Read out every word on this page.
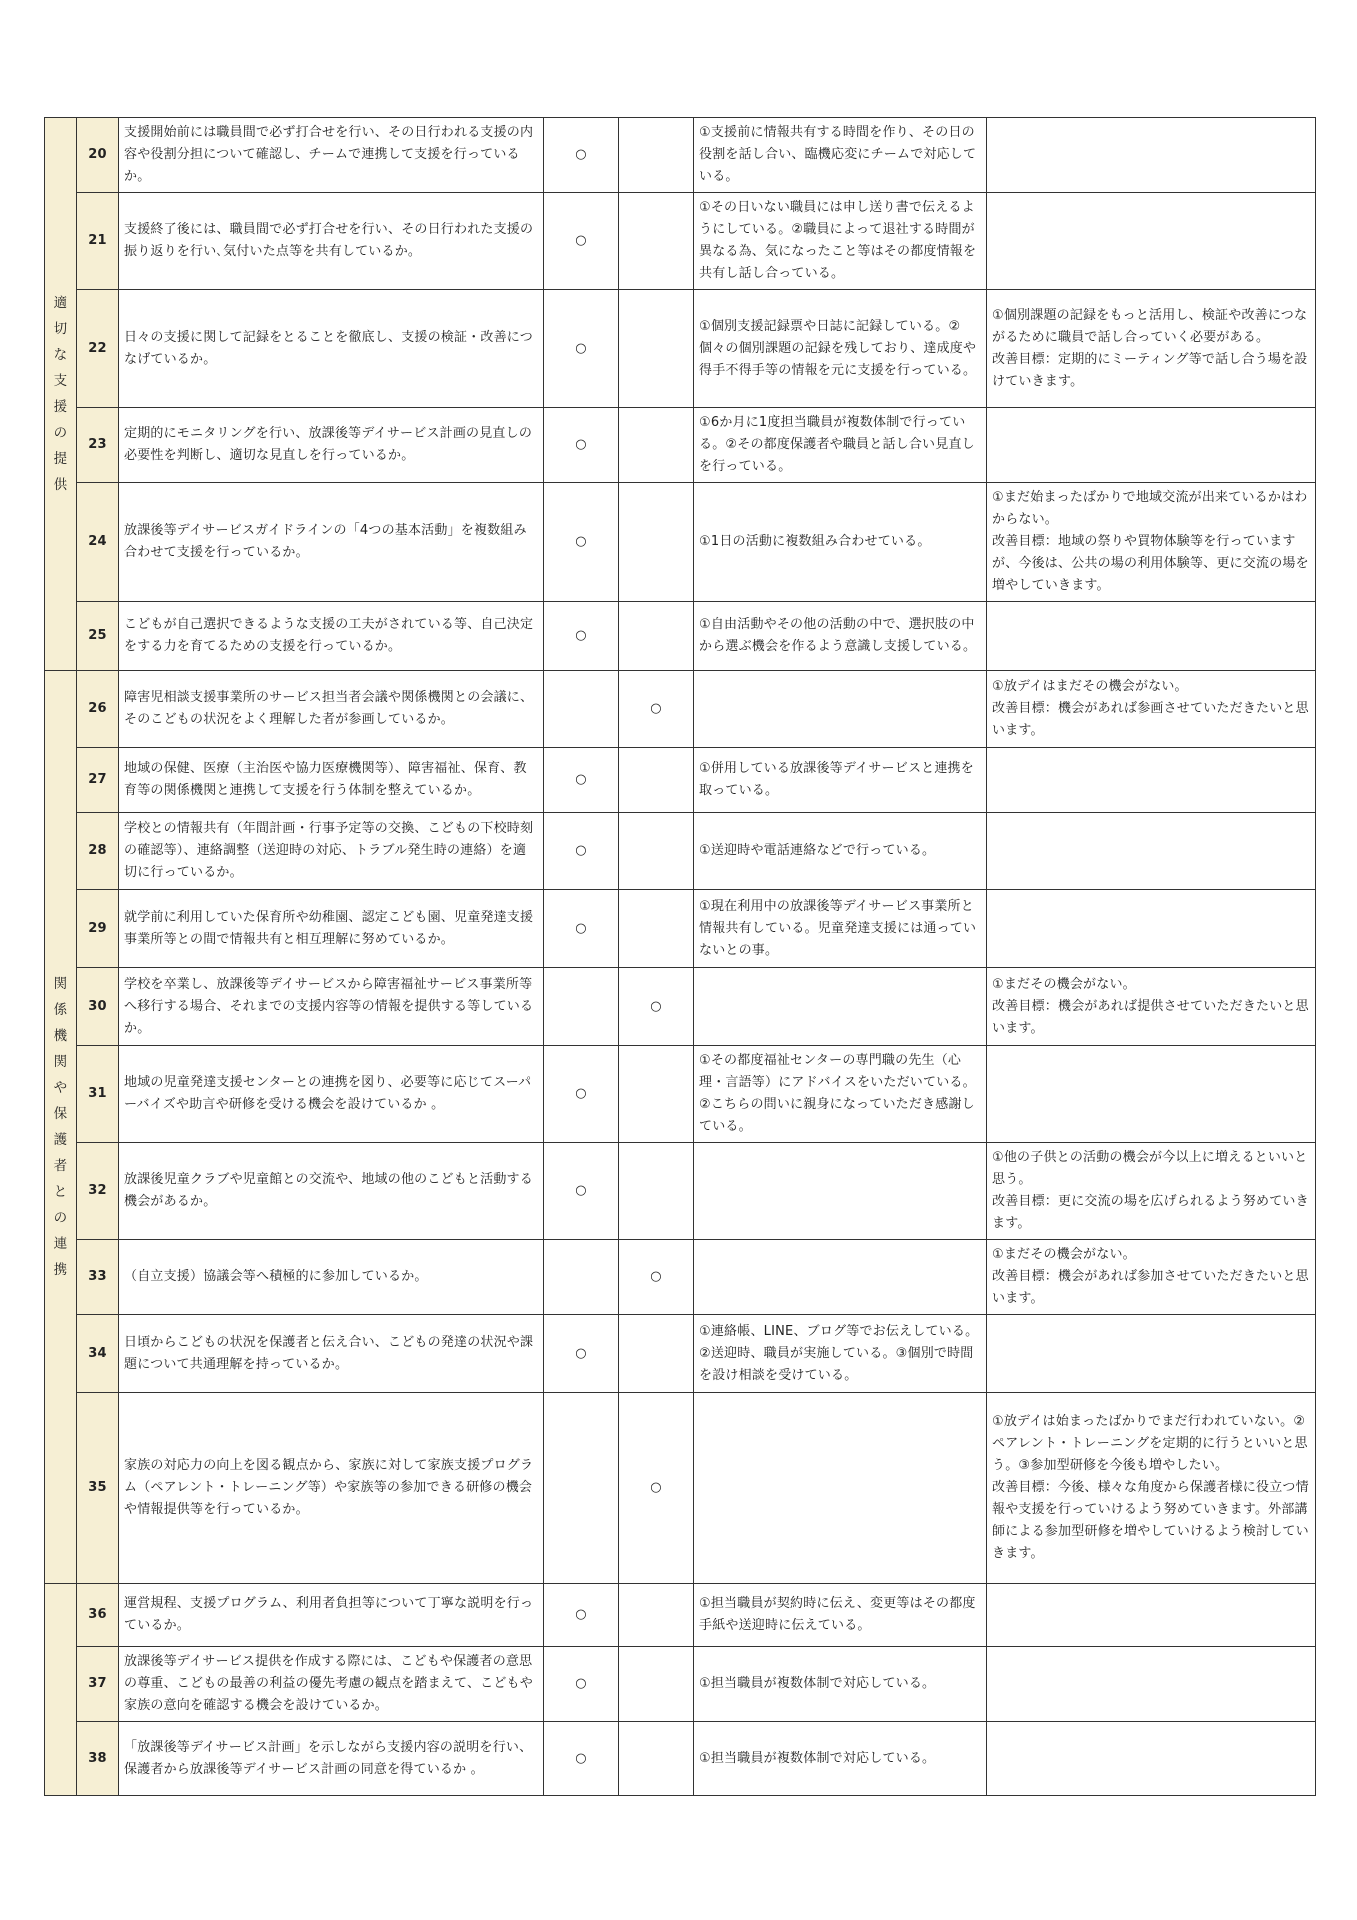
適切な支援の提供	20	支援開始前には職員間で必ず打合せを行い、その日行われる支援の内容や役割分担について確認し、チームで連携して支援を行っているか。	○		①支援前に情報共有する時間を作り、その日の役割を話し合い、臨機応変にチームで対応している。	
	21	支援終了後には、職員間で必ず打合せを行い、その日行われた支援の振り返りを行い､気付いた点等を共有しているか。	○		①その日いない職員には申し送り書で伝えるようにしている。②職員によって退社する時間が異なる為、気になったこと等はその都度情報を共有し話し合っている。	
	22	日々の支援に関して記録をとることを徹底し、支援の検証・改善につなげているか。	○		①個別支援記録票や日誌に記録している。②個々の個別課題の記録を残しており、達成度や得手不得手等の情報を元に支援を行っている。	①個別課題の記録をもっと活用し、検証や改善につながるために職員で話し合っていく必要がある。
改善目標：定期的にミーティング等で話し合う場を設けていきます。
	23	定期的にモニタリングを行い、放課後等デイサービス計画の見直しの必要性を判断し、適切な見直しを行っているか。	○		①6か月に1度担当職員が複数体制で行っている。②その都度保護者や職員と話し合い見直しを行っている。	
	24	放課後等デイサービスガイドラインの「4つの基本活動」を複数組み合わせて支援を行っているか。	○		①1日の活動に複数組み合わせている。	①まだ始まったばかりで地域交流が出来ているかはわからない。
改善目標：地域の祭りや買物体験等を行っていますが、今後は、公共の場の利用体験等、更に交流の場を増やしていきます。
	25	こどもが自己選択できるような支援の工夫がされている等、自己決定をする力を育てるための支援を行っているか。	○		①自由活動やその他の活動の中で、選択肢の中から選ぶ機会を作るよう意識し支援している。	
関係機関や保護者との連携	26	障害児相談支援事業所のサービス担当者会議や関係機関との会議に、そのこどもの状況をよく理解した者が参画しているか。		○		①放デイはまだその機会がない。
改善目標：機会があれば参画させていただきたいと思います。
	27	地域の保健、医療（主治医や協力医療機関等）、障害福祉、保育、教育等の関係機関と連携して支援を行う体制を整えているか。	○		①併用している放課後等デイサービスと連携を取っている。	
	28	学校との情報共有（年間計画・行事予定等の交換、こどもの下校時刻の確認等）、連絡調整（送迎時の対応、トラブル発生時の連絡）を適切に行っているか。	○		①送迎時や電話連絡などで行っている。	
	29	就学前に利用していた保育所や幼稚園、認定こども園、児童発達支援事業所等との間で情報共有と相互理解に努めているか。	○		①現在利用中の放課後等デイサービス事業所と情報共有している。児童発達支援には通っていないとの事。	
	30	学校を卒業し、放課後等デイサービスから障害福祉サービス事業所等へ移行する場合、それまでの支援内容等の情報を提供する等しているか。		○		①まだその機会がない。
改善目標：機会があれば提供させていただきたいと思います。
	31	地域の児童発達支援センターとの連携を図り、必要等に応じてスーパーバイズや助言や研修を受ける機会を設けているか 。	○		①その都度福祉センターの専門職の先生（心理・言語等）にアドバイスをいただいている。②こちらの問いに親身になっていただき感謝している。	
	32	放課後児童クラブや児童館との交流や、地域の他のこどもと活動する機会があるか。	○			①他の子供との活動の機会が今以上に増えるといいと思う。
改善目標：更に交流の場を広げられるよう努めていきます。
	33	（自立支援）協議会等へ積極的に参加しているか。		○		①まだその機会がない。
改善目標：機会があれば参加させていただきたいと思います。
	34	日頃からこどもの状況を保護者と伝え合い、こどもの発達の状況や課題について共通理解を持っているか。	○		①連絡帳、LINE、ブログ等でお伝えしている。②送迎時、職員が実施している。③個別で時間を設け相談を受けている。	
	35	家族の対応力の向上を図る観点から、家族に対して家族支援プログラム（ペアレント・トレーニング等）や家族等の参加できる研修の機会や情報提供等を行っているか。		○		①放デイは始まったばかりでまだ行われていない。②ペアレント・トレーニングを定期的に行うといいと思う。③参加型研修を今後も増やしたい。
改善目標：今後、様々な角度から保護者様に役立つ情報や支援を行っていけるよう努めていきます。外部講師による参加型研修を増やしていけるよう検討していきます。
	36	運営規程、支援プログラム、利用者負担等について丁寧な説明を行っているか。	○		①担当職員が契約時に伝え、変更等はその都度手紙や送迎時に伝えている。	
	37	放課後等デイサービス提供を作成する際には、こどもや保護者の意思の尊重、こどもの最善の利益の優先考慮の観点を踏まえて、こどもや家族の意向を確認する機会を設けているか。	○		①担当職員が複数体制で対応している。	
	38	「放課後等デイサービス計画」を示しながら支援内容の説明を行い、保護者から放課後等デイサービス計画の同意を得ているか 。	○		①担当職員が複数体制で対応している。	
